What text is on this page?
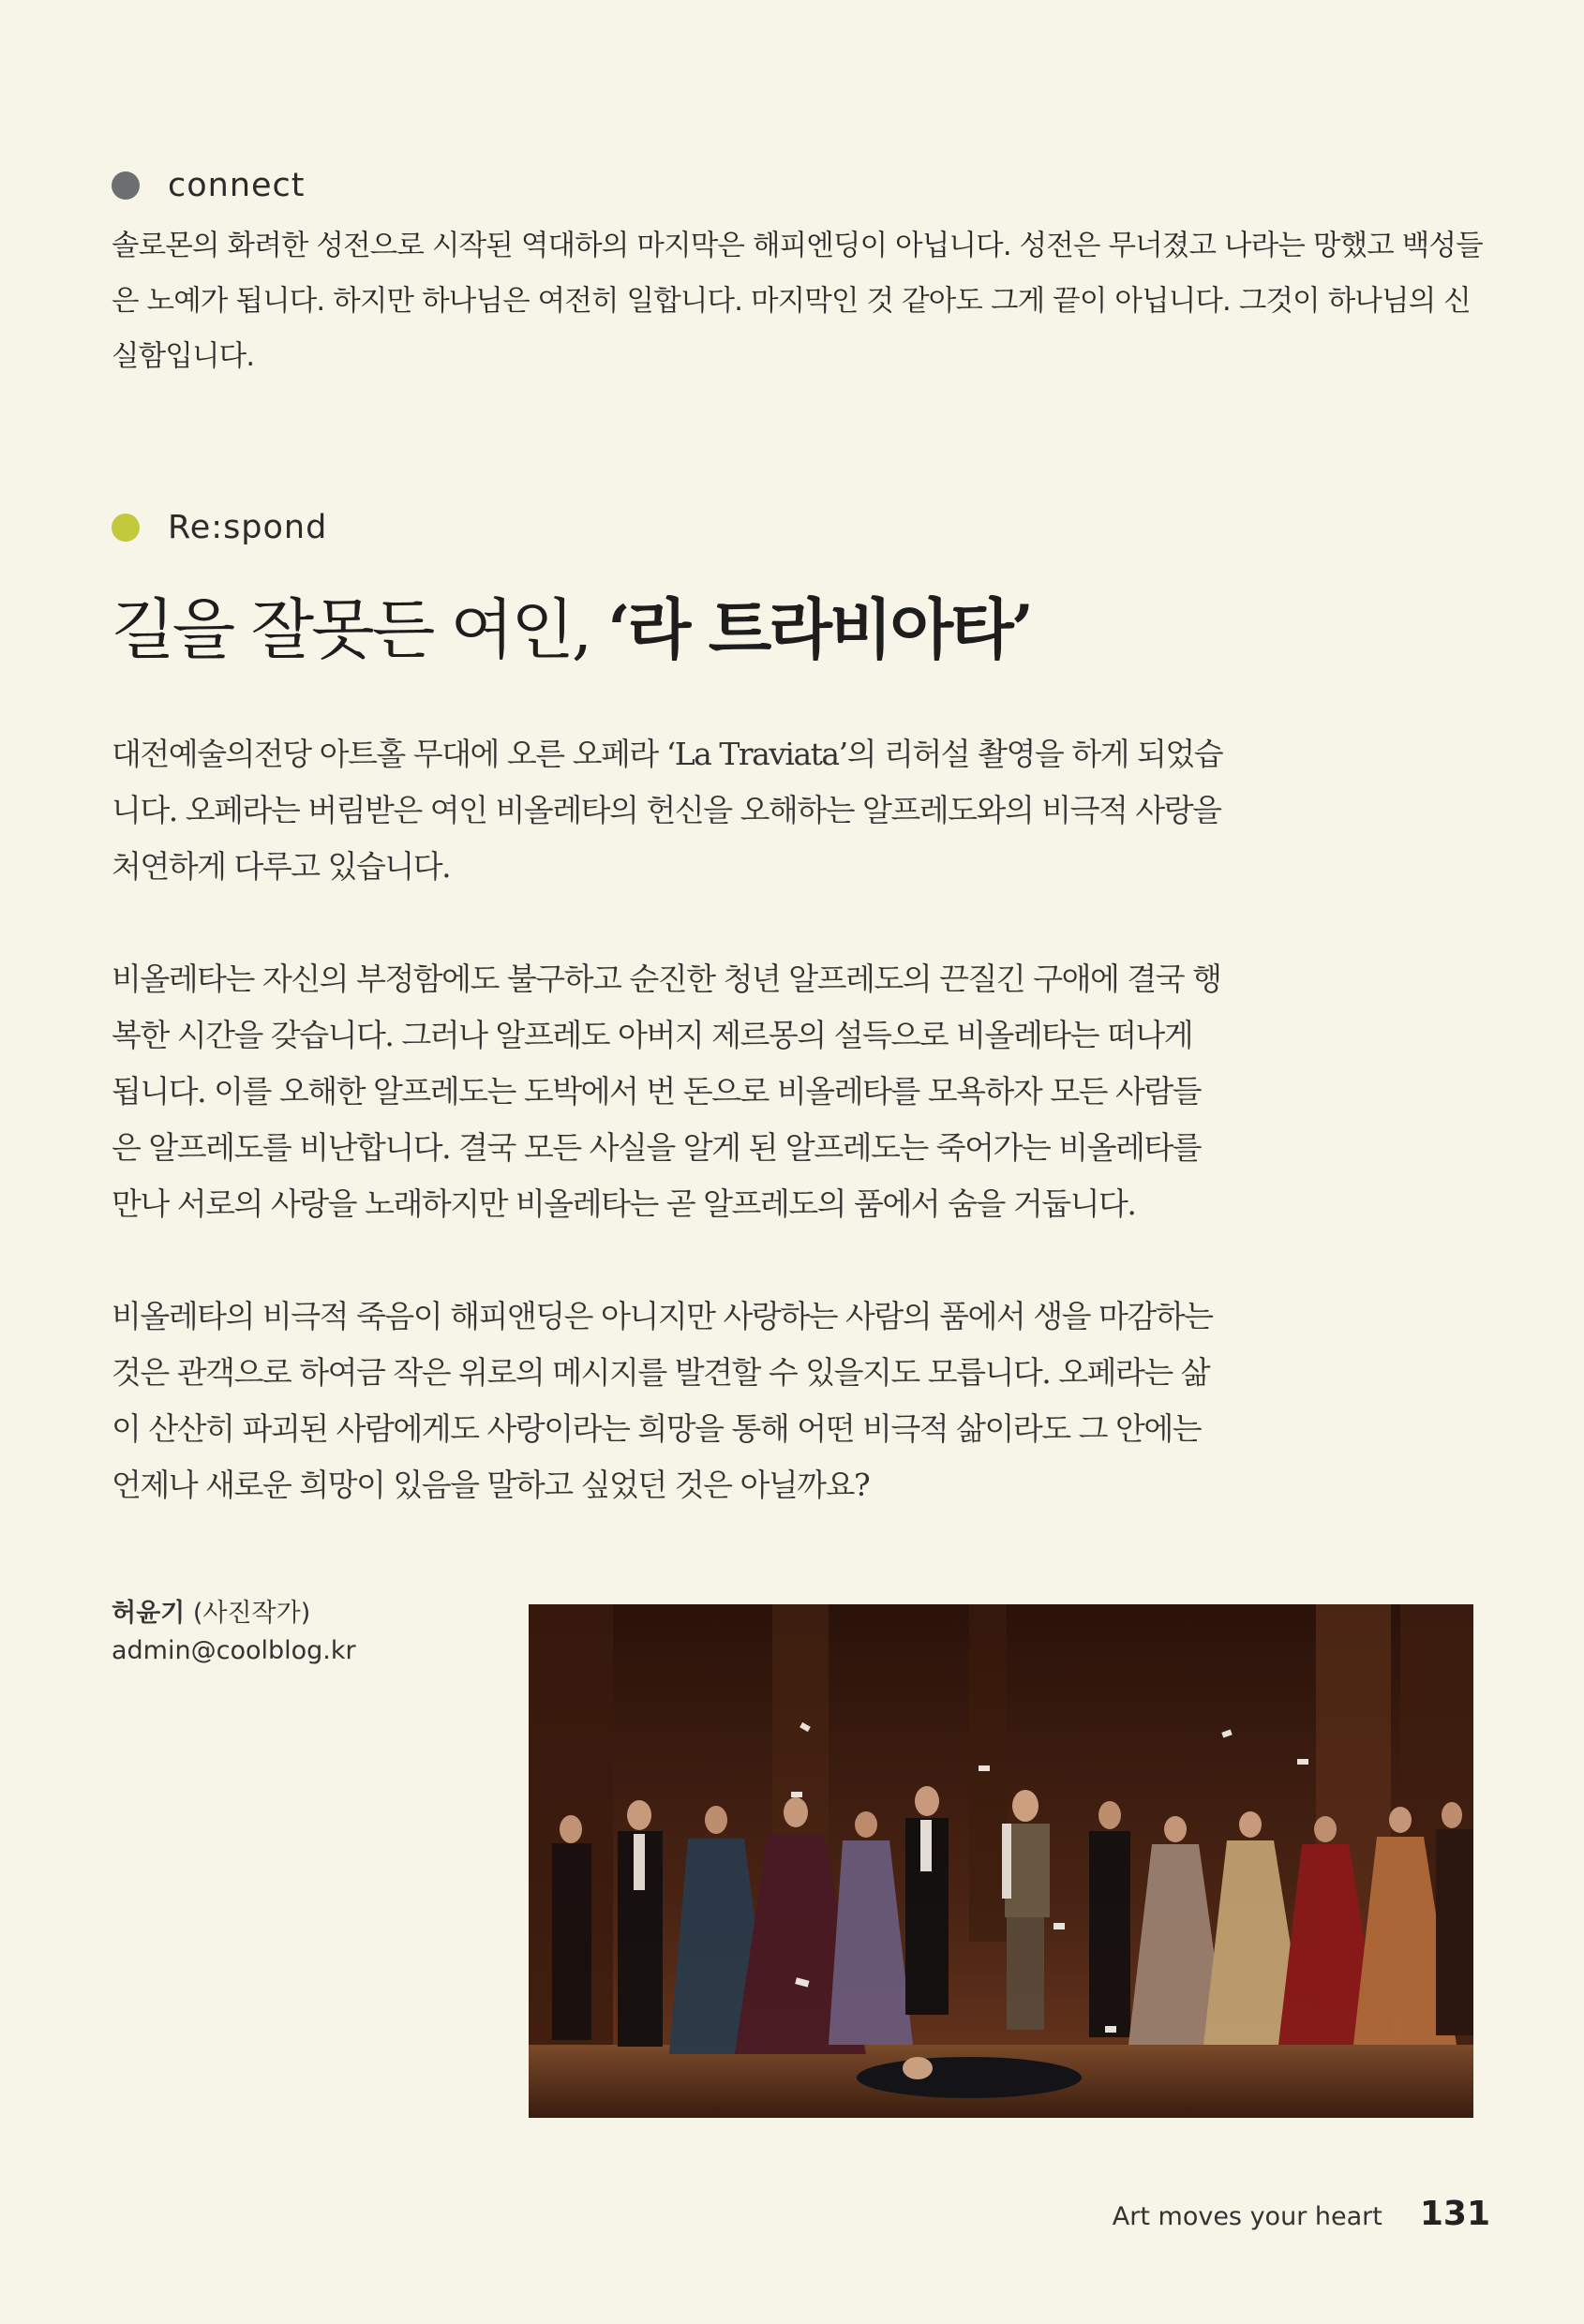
connect

솔로몬의 화려한 성전으로 시작된 역대하의 마지막은 해피엔딩이 아닙니다. 성전은 무너졌고 나라는 망했고 백성들은 노예가 됩니다. 하지만 하나님은 여전히 일합니다. 마지막인 것 같아도 그게 끝이 아닙니다. 그것이 하나님의 신실함입니다.

Re:spond
길을 잘못든 여인, ‘라 트라비아타’

대전예술의전당 아트홀 무대에 오른 오페라 ‘La Traviata’의 리허설 촬영을 하게 되었습니다. 오페라는 버림받은 여인 비올레타의 헌신을 오해하는 알프레도와의 비극적 사랑을 처연하게 다루고 있습니다.

비올레타는 자신의 부정함에도 불구하고 순진한 청년 알프레도의 끈질긴 구애에 결국 행복한 시간을 갖습니다. 그러나 알프레도 아버지 제르몽의 설득으로 비올레타는 떠나게 됩니다. 이를 오해한 알프레도는 도박에서 번 돈으로 비올레타를 모욕하자 모든 사람들은 알프레도를 비난합니다. 결국 모든 사실을 알게 된 알프레도는 죽어가는 비올레타를 만나 서로의 사랑을 노래하지만 비올레타는 곧 알프레도의 품에서 숨을 거둡니다.

비올레타의 비극적 죽음이 해피앤딩은 아니지만 사랑하는 사람의 품에서 생을 마감하는 것은 관객으로 하여금 작은 위로의 메시지를 발견할 수 있을지도 모릅니다. 오페라는 삶이 산산히 파괴된 사람에게도 사랑이라는 희망을 통해 어떤 비극적 삶이라도 그 안에는 언제나 새로운 희망이 있음을 말하고 싶었던 것은 아닐까요?

허윤기 (사진작가)
admin@coolblog.kr
Art moves your heart 131
